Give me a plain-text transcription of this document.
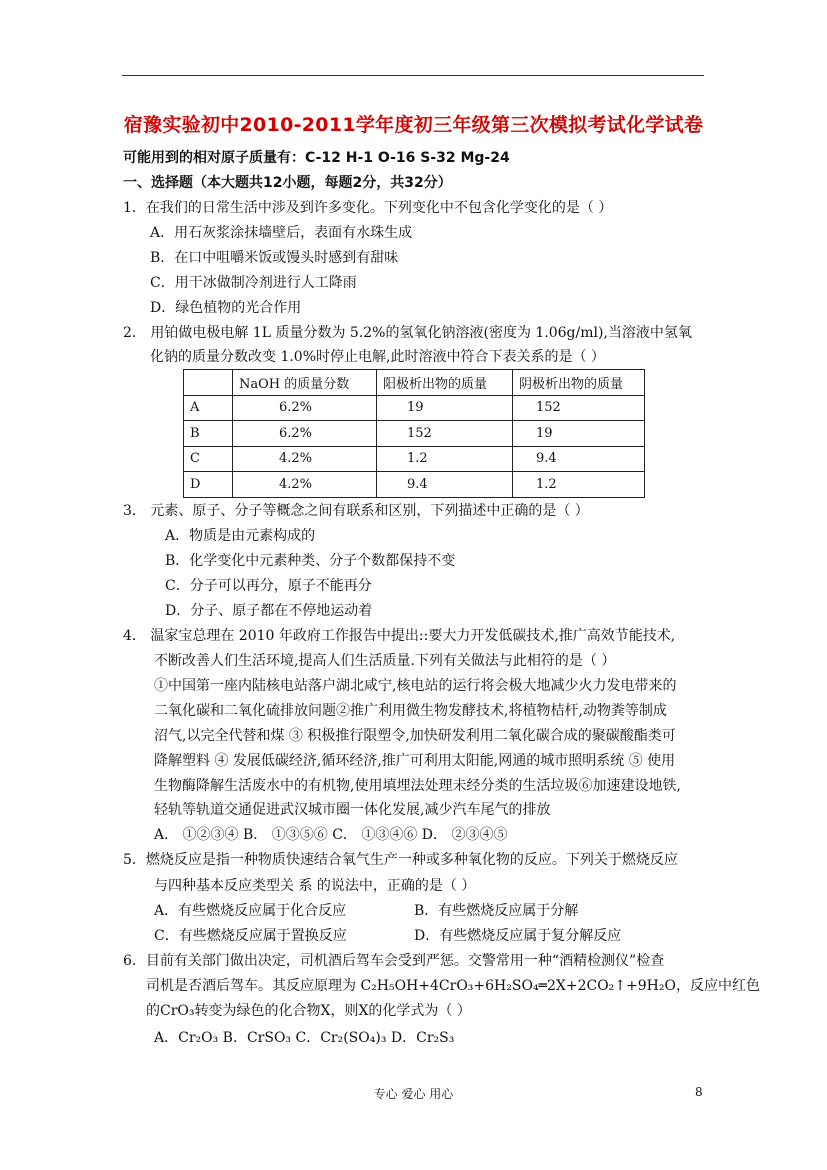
宿豫实验初中2010-2011学年度初三年级第三次模拟考试化学试卷
可能用到的相对原子质量有：C-12 H-1 O-16 S-32 Mg-24
一、选择题（本大题共12小题，每题2分，共32分）
1．在我们的日常生活中涉及到许多变化。下列变化中不包含化学变化的是（ ）
A．用石灰浆涂抹墙壁后，表面有水珠生成
B．在口中咀嚼米饭或馒头时感到有甜味
C．用干冰做制冷剂进行人工降雨
D．绿色植物的光合作用
2． 用铂做电极电解 1L 质量分数为 5.2%的氢氧化钠溶液(密度为 1.06g/ml),当溶液中氢氧
化钠的质量分数改变 1.0%时停止电解,此时溶液中符合下表关系的是（ ）
	NaOH 的质量分数	阳极析出物的质量	阴极析出物的质量
A	6.2%	19	152
B	6.2%	152	19
C	4.2%	1.2	9.4
D	4.2%	9.4	1.2
3． 元素、原子、分子等概念之间有联系和区别，下列描述中正确的是（ ）
A．物质是由元素构成的
B．化学变化中元素种类、分子个数都保持不变
C．分子可以再分，原子不能再分
D．分子、原子都在不停地运动着
4． 温家宝总理在 2010 年政府工作报告中提出::要大力开发低碳技术,推广高效节能技术,
不断改善人们生活环境,提高人们生活质量.下列有关做法与此相符的是（ ）
①中国第一座内陆核电站落户湖北咸宁,核电站的运行将会极大地减少火力发电带来的
二氧化碳和二氧化硫排放问题②推广利用微生物发酵技术,将植物桔杆,动物粪等制成
沼气,以完全代替和煤 ③ 积极推行限塑令,加快研发利用二氧化碳合成的聚碳酸酯类可
降解塑料 ④ 发展低碳经济,循环经济,推广可利用太阳能,网通的城市照明系统 ⑤ 使用
生物酶降解生活废水中的有机物,使用填埋法处理未经分类的生活垃圾⑥加速建设地铁,
轻轨等轨道交通促进武汉城市圈一体化发展,减少汽车尾气的排放
A． ①②③④ B． ①③⑤⑥ C． ①③④⑥ D． ②③④⑤
5．燃烧反应是指一种物质快速结合氧气生产一种或多种氧化物的反应。下列关于燃烧反应
与四种基本反应类型关 系 的说法中，正确的是（ ）
A．有些燃烧反应属于化合反应	B．有些燃烧反应属于分解
C．有些燃烧反应属于置换反应	D．有些燃烧反应属于复分解反应
6．目前有关部门做出决定，司机酒后驾车会受到严惩。交警常用一种“酒精检测仪”检查
司机是否酒后驾车。其反应原理为 C₂H₅OH+4CrO₃+6H₂SO₄═2X+2CO₂↑+9H₂O，反应中红色
的CrO₃转变为绿色的化合物X，则X的化学式为（ ）
A．Cr₂O₃ B．CrSO₃ C．Cr₂(SO₄)₃ D．Cr₂S₃
专心 爱心 用心	8
